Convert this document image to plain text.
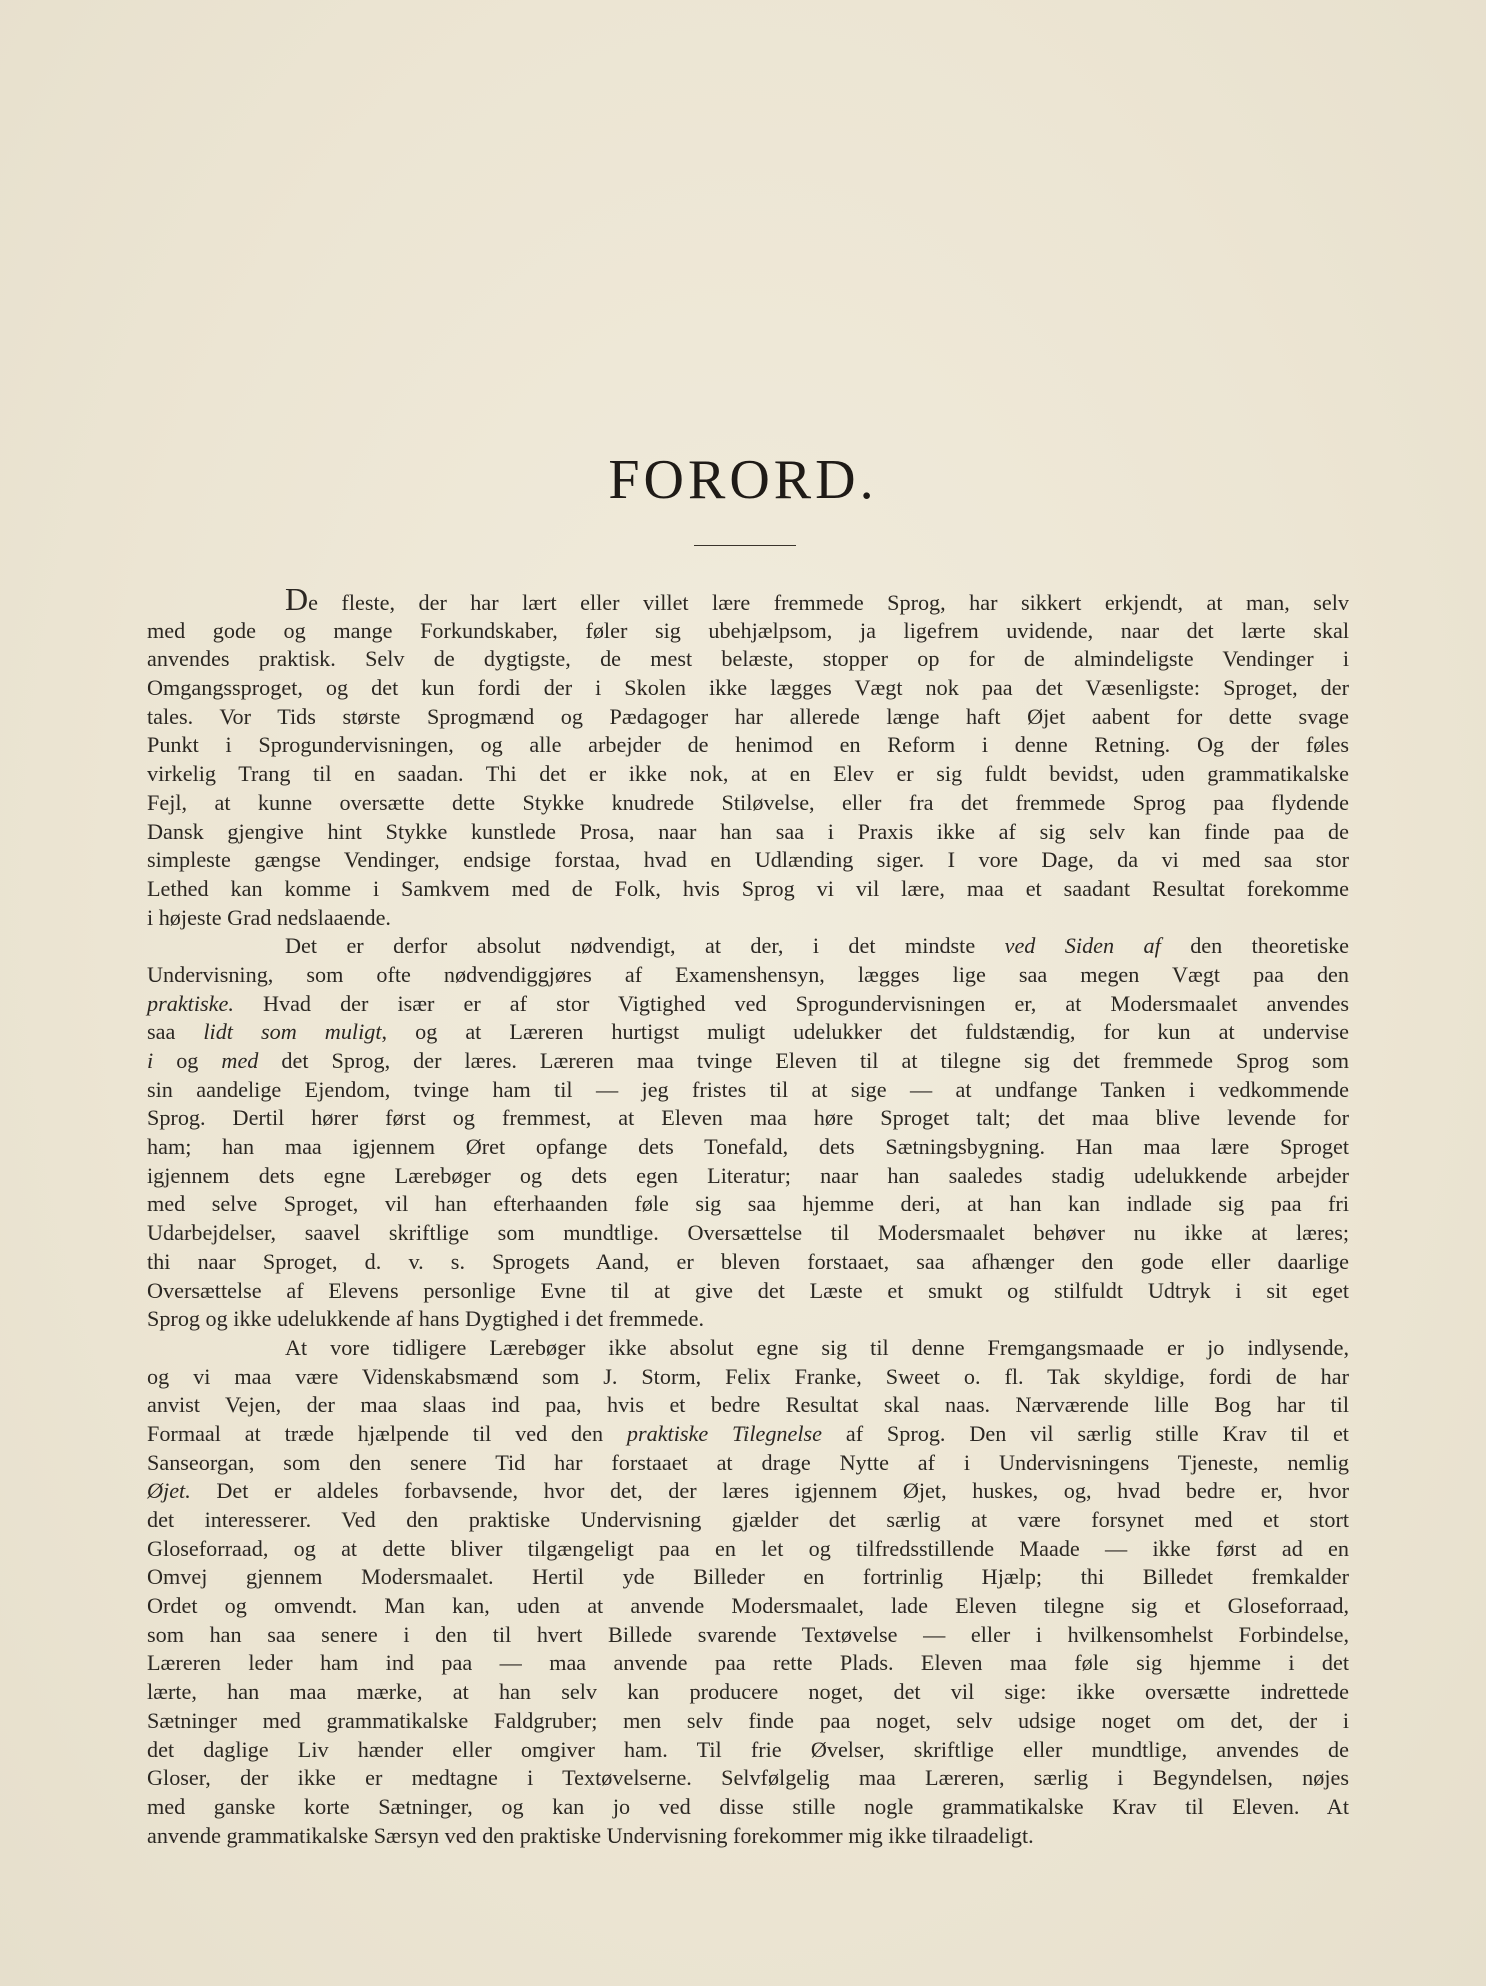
FORORD.
De fleste, der har lært eller villet lære fremmede Sprog, har sikkert erkjendt, at man, selv
med gode og mange Forkundskaber, føler sig ubehjælpsom, ja ligefrem uvidende, naar det lærte skal
anvendes praktisk. Selv de dygtigste, de mest belæste, stopper op for de almindeligste Vendinger i
Omgangssproget, og det kun fordi der i Skolen ikke lægges Vægt nok paa det Væsenligste: Sproget, der
tales. Vor Tids største Sprogmænd og Pædagoger har allerede længe haft Øjet aabent for dette svage
Punkt i Sprogundervisningen, og alle arbejder de henimod en Reform i denne Retning. Og der føles
virkelig Trang til en saadan. Thi det er ikke nok, at en Elev er sig fuldt bevidst, uden grammatikalske
Fejl, at kunne oversætte dette Stykke knudrede Stiløvelse, eller fra det fremmede Sprog paa flydende
Dansk gjengive hint Stykke kunstlede Prosa, naar han saa i Praxis ikke af sig selv kan finde paa de
simpleste gængse Vendinger, endsige forstaa, hvad en Udlænding siger. I vore Dage, da vi med saa stor
Lethed kan komme i Samkvem med de Folk, hvis Sprog vi vil lære, maa et saadant Resultat forekomme
i højeste Grad nedslaaende.
Det er derfor absolut nødvendigt, at der, i det mindste ved Siden af den theoretiske
Undervisning, som ofte nødvendiggjøres af Examenshensyn, lægges lige saa megen Vægt paa den
praktiske. Hvad der især er af stor Vigtighed ved Sprogundervisningen er, at Modersmaalet anvendes
saa lidt som muligt, og at Læreren hurtigst muligt udelukker det fuldstændig, for kun at undervise
i og med det Sprog, der læres. Læreren maa tvinge Eleven til at tilegne sig det fremmede Sprog som
sin aandelige Ejendom, tvinge ham til — jeg fristes til at sige — at undfange Tanken i vedkommende
Sprog. Dertil hører først og fremmest, at Eleven maa høre Sproget talt; det maa blive levende for
ham; han maa igjennem Øret opfange dets Tonefald, dets Sætningsbygning. Han maa lære Sproget
igjennem dets egne Lærebøger og dets egen Literatur; naar han saaledes stadig udelukkende arbejder
med selve Sproget, vil han efterhaanden føle sig saa hjemme deri, at han kan indlade sig paa fri
Udarbejdelser, saavel skriftlige som mundtlige. Oversættelse til Modersmaalet behøver nu ikke at læres;
thi naar Sproget, d. v. s. Sprogets Aand, er bleven forstaaet, saa afhænger den gode eller daarlige
Oversættelse af Elevens personlige Evne til at give det Læste et smukt og stilfuldt Udtryk i sit eget
Sprog og ikke udelukkende af hans Dygtighed i det fremmede.
At vore tidligere Lærebøger ikke absolut egne sig til denne Fremgangsmaade er jo indlysende,
og vi maa være Videnskabsmænd som J. Storm, Felix Franke, Sweet o. fl. Tak skyldige, fordi de har
anvist Vejen, der maa slaas ind paa, hvis et bedre Resultat skal naas. Nærværende lille Bog har til
Formaal at træde hjælpende til ved den praktiske Tilegnelse af Sprog. Den vil særlig stille Krav til et
Sanseorgan, som den senere Tid har forstaaet at drage Nytte af i Undervisningens Tjeneste, nemlig
Øjet. Det er aldeles forbavsende, hvor det, der læres igjennem Øjet, huskes, og, hvad bedre er, hvor
det interesserer. Ved den praktiske Undervisning gjælder det særlig at være forsynet med et stort
Gloseforraad, og at dette bliver tilgængeligt paa en let og tilfredsstillende Maade — ikke først ad en
Omvej gjennem Modersmaalet. Hertil yde Billeder en fortrinlig Hjælp; thi Billedet fremkalder
Ordet og omvendt. Man kan, uden at anvende Modersmaalet, lade Eleven tilegne sig et Gloseforraad,
som han saa senere i den til hvert Billede svarende Textøvelse — eller i hvilkensomhelst Forbindelse,
Læreren leder ham ind paa — maa anvende paa rette Plads. Eleven maa føle sig hjemme i det
lærte, han maa mærke, at han selv kan producere noget, det vil sige: ikke oversætte indrettede
Sætninger med grammatikalske Faldgruber; men selv finde paa noget, selv udsige noget om det, der i
det daglige Liv hænder eller omgiver ham. Til frie Øvelser, skriftlige eller mundtlige, anvendes de
Gloser, der ikke er medtagne i Textøvelserne. Selvfølgelig maa Læreren, særlig i Begyndelsen, nøjes
med ganske korte Sætninger, og kan jo ved disse stille nogle grammatikalske Krav til Eleven. At
anvende grammatikalske Særsyn ved den praktiske Undervisning forekommer mig ikke tilraadeligt.
